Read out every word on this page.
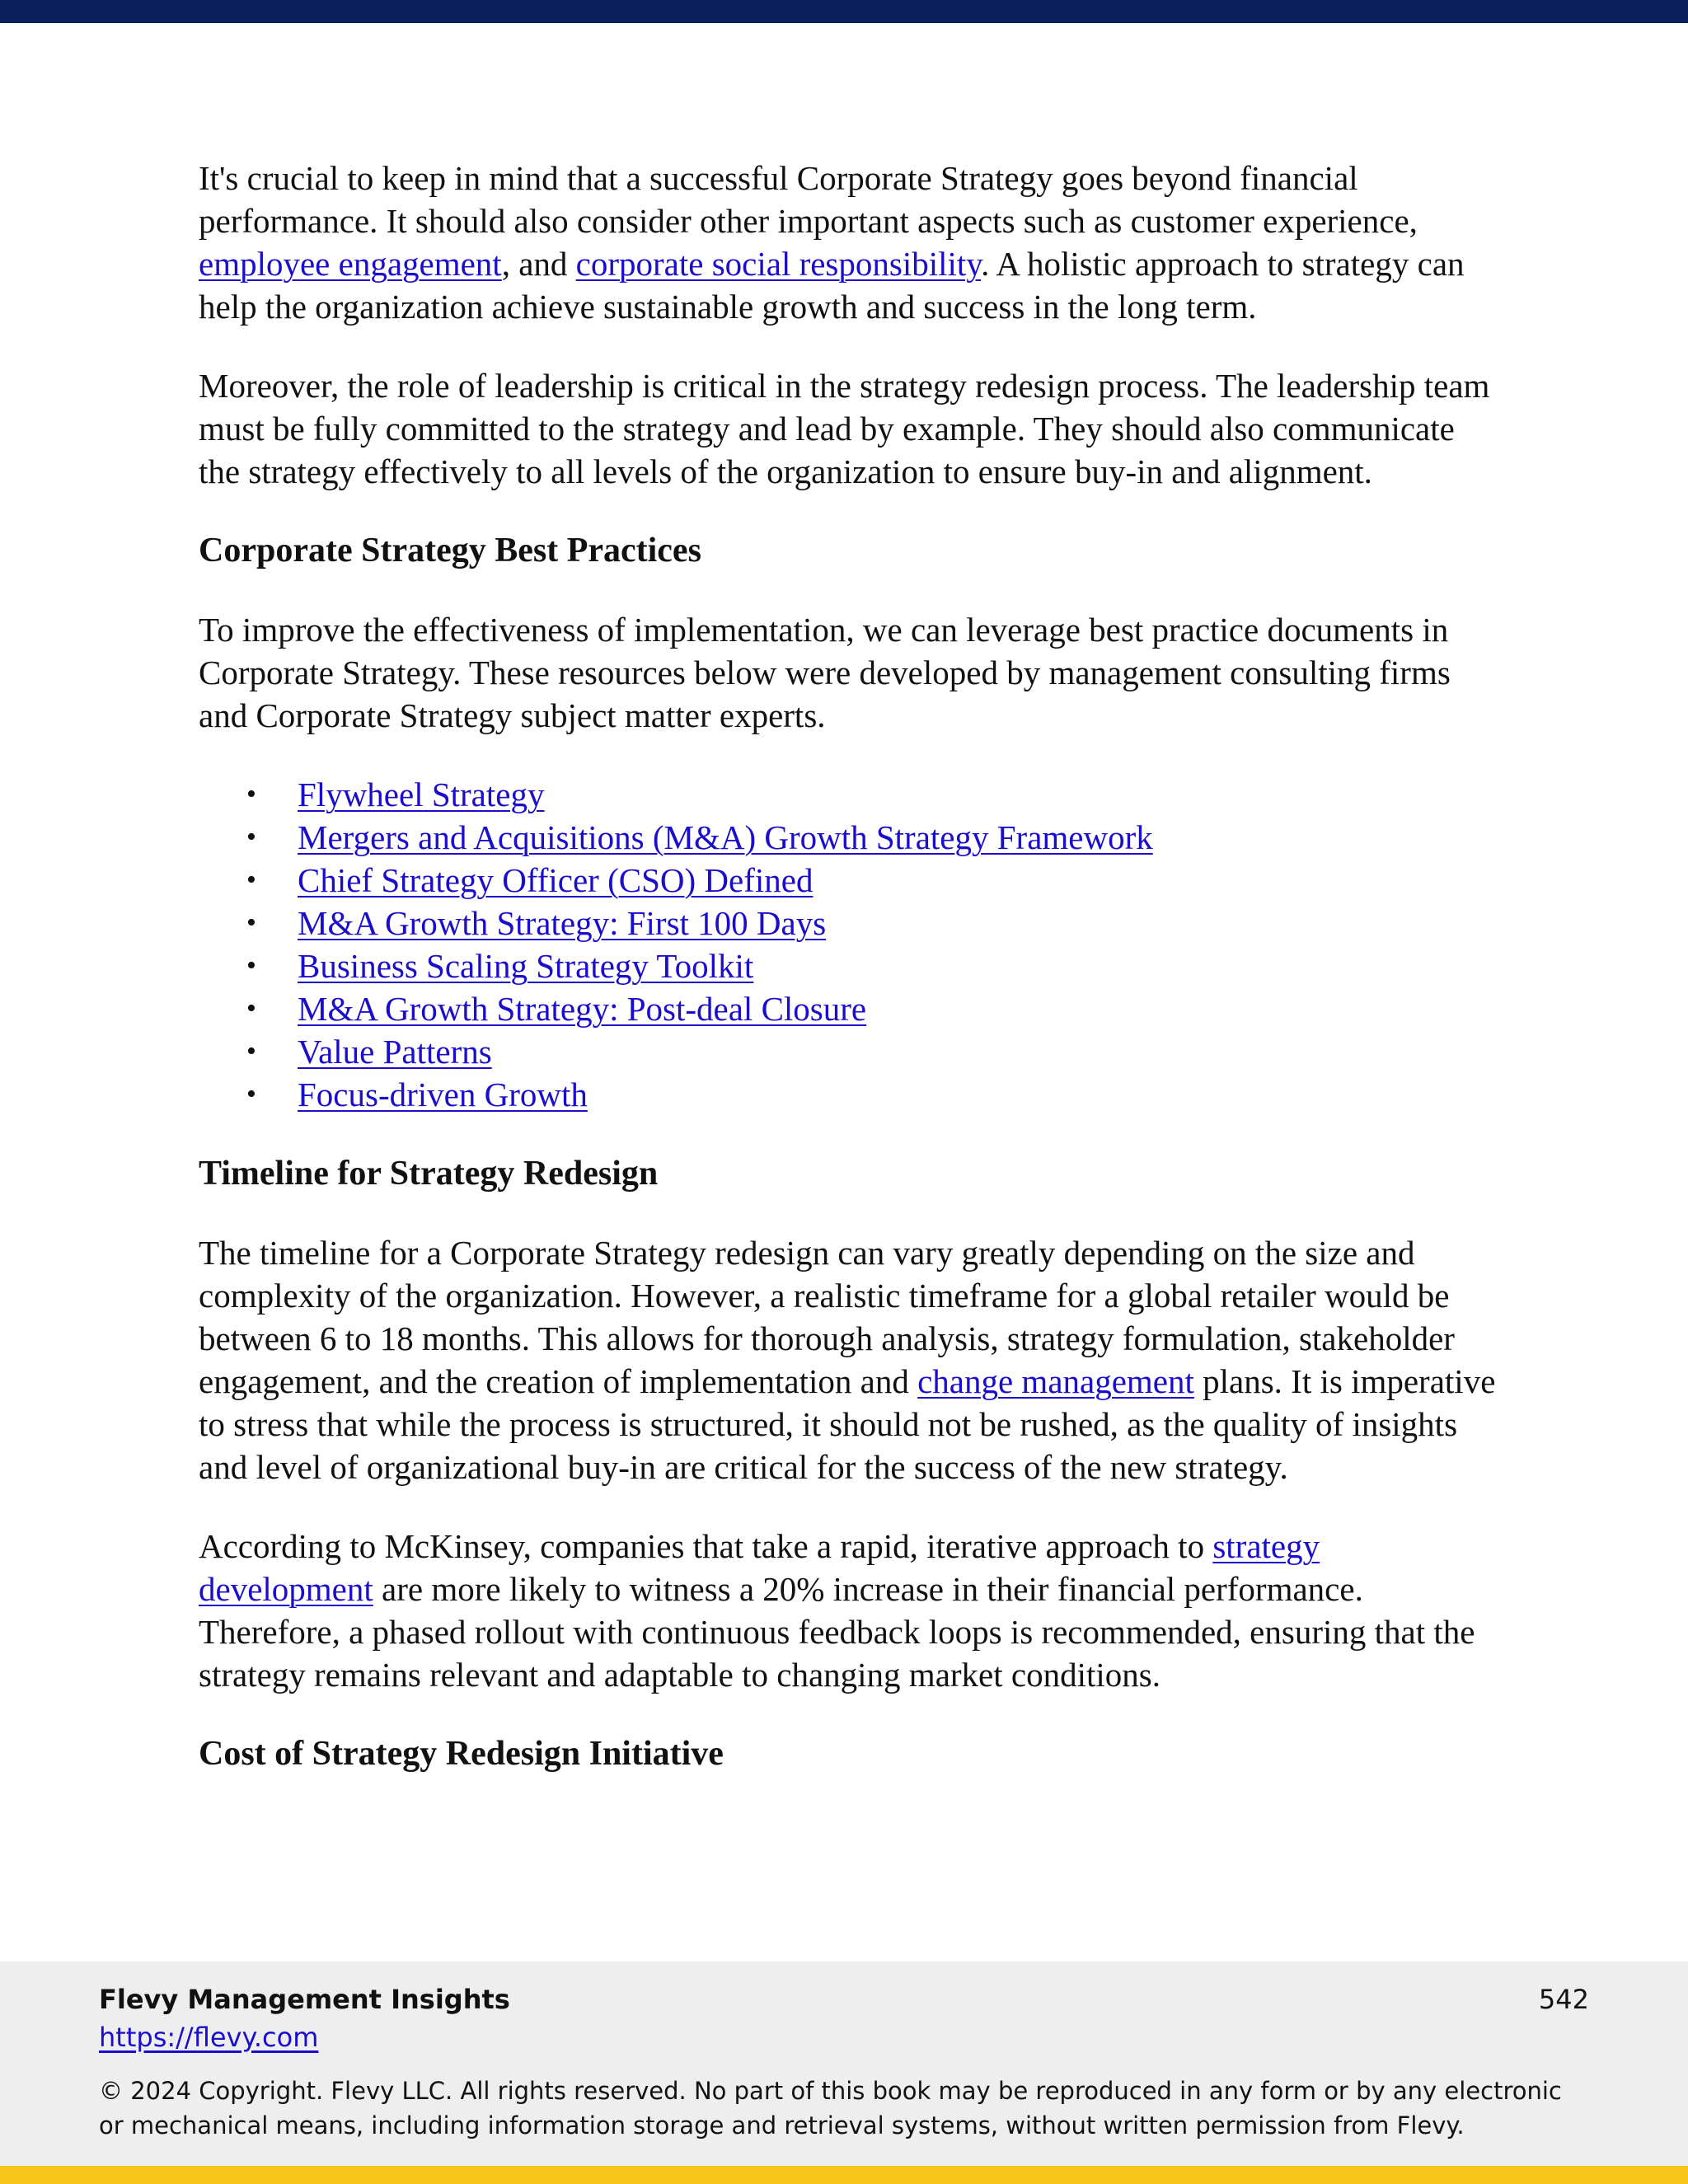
It's crucial to keep in mind that a successful Corporate Strategy goes beyond financial performance. It should also consider other important aspects such as customer experience, employee engagement, and corporate social responsibility. A holistic approach to strategy can help the organization achieve sustainable growth and success in the long term.

Moreover, the role of leadership is critical in the strategy redesign process. The leadership team must be fully committed to the strategy and lead by example. They should also communicate the strategy effectively to all levels of the organization to ensure buy-in and alignment.

Corporate Strategy Best Practices

To improve the effectiveness of implementation, we can leverage best practice documents in Corporate Strategy. These resources below were developed by management consulting firms and Corporate Strategy subject matter experts.

• Flywheel Strategy
• Mergers and Acquisitions (M&A) Growth Strategy Framework
• Chief Strategy Officer (CSO) Defined
• M&A Growth Strategy: First 100 Days
• Business Scaling Strategy Toolkit
• M&A Growth Strategy: Post-deal Closure
• Value Patterns
• Focus-driven Growth
Timeline for Strategy Redesign

The timeline for a Corporate Strategy redesign can vary greatly depending on the size and complexity of the organization. However, a realistic timeframe for a global retailer would be between 6 to 18 months. This allows for thorough analysis, strategy formulation, stakeholder engagement, and the creation of implementation and change management plans. It is imperative to stress that while the process is structured, it should not be rushed, as the quality of insights and level of organizational buy-in are critical for the success of the new strategy.

According to McKinsey, companies that take a rapid, iterative approach to strategy development are more likely to witness a 20% increase in their financial performance. Therefore, a phased rollout with continuous feedback loops is recommended, ensuring that the strategy remains relevant and adaptable to changing market conditions.

Cost of Strategy Redesign Initiative
Flevy Management Insights
https://flevy.com
542
© 2024 Copyright. Flevy LLC. All rights reserved. No part of this book may be reproduced in any form or by any electronic or mechanical means, including information storage and retrieval systems, without written permission from Flevy.
